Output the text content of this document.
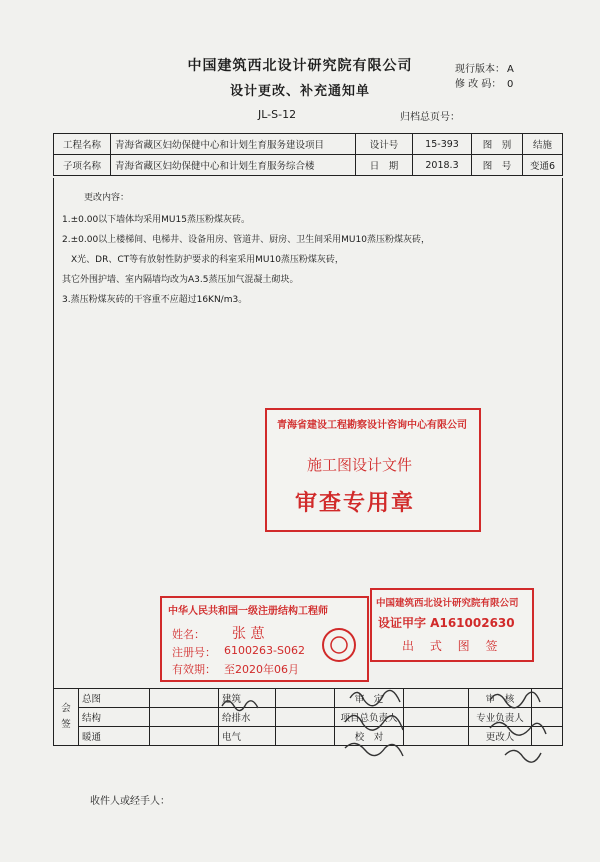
中国建筑西北设计研究院有限公司
设计更改、补充通知单
现行版本： A
修 改 码： 0
JL-S-12	归档总页号：
工程名称	青海省藏区妇幼保健中心和计划生育服务建设项目	设计号	15-393	图　别	结施
子项名称	青海省藏区妇幼保健中心和计划生育服务综合楼	日　期	2018.3	图　号	变通6
更改内容：
1.±0.00以下墙体均采用MU15蒸压粉煤灰砖。
2.±0.00以上楼梯间、电梯井、设备用房、管道井、厨房、卫生间采用MU10蒸压粉煤灰砖，
　X光、DR、CT等有放射性防护要求的科室采用MU10蒸压粉煤灰砖，
其它外围护墙、室内隔墙均改为A3.5蒸压加气混凝土砌块。
3.蒸压粉煤灰砖的干容重不应超过16KN/m3。
青海省建设工程勘察设计咨询中心有限公司
施工图设计文件
审查专用章
中华人民共和国一级注册结构工程师
姓名： 张 葸
注册号： 6100263-S062
有效期： 至2020年06月
中国建筑西北设计研究院有限公司
设证甲字 A161002630
出 式 图 签
会签	总图		建筑		审　定		审　核	
	结构		给排水		项目总负责人		专业负责人	
	暖通		电气		校　对		更改人	
收件人或经手人：
